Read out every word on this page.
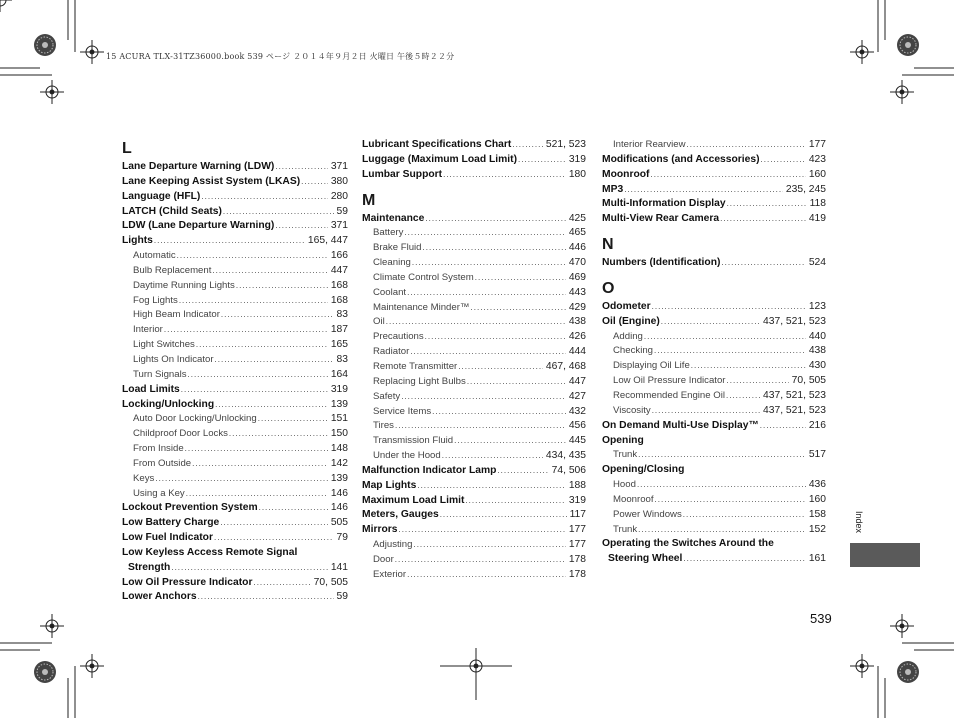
15 ACURA TLX-31TZ36000.book 539 ページ ２０１４年９月２日 火曜日 午後５時２２分
L
Lane Departure Warning (LDW) .....	371
Lane Keeping Assist System (LKAS) .....	380
Language (HFL) .....	280
LATCH (Child Seats) .....	59
LDW (Lane Departure Warning) .....	371
Lights .....	165, 447
Automatic .....	166
Bulb Replacement .....	447
Daytime Running Lights .....	168
Fog Lights .....	168
High Beam Indicator .....	83
Interior .....	187
Light Switches .....	165
Lights On Indicator .....	83
Turn Signals .....	164
Load Limits .....	319
Locking/Unlocking .....	139
Auto Door Locking/Unlocking .....	151
Childproof Door Locks .....	150
From Inside .....	148
From Outside .....	142
Keys .....	139
Using a Key .....	146
Lockout Prevention System .....	146
Low Battery Charge .....	505
Low Fuel Indicator .....	79
Low Keyless Access Remote Signal
Strength .....	141
Low Oil Pressure Indicator .....	70, 505
Lower Anchors .....	59
Lubricant Specifications Chart .....	521, 523
Luggage (Maximum Load Limit) .....	319
Lumbar Support .....	180
M
Maintenance .....	425
Battery .....	465
Brake Fluid .....	446
Cleaning .....	470
Climate Control System .....	469
Coolant .....	443
Maintenance Minder™ .....	429
Oil .....	438
Precautions .....	426
Radiator .....	444
Remote Transmitter .....	467, 468
Replacing Light Bulbs .....	447
Safety .....	427
Service Items .....	432
Tires .....	456
Transmission Fluid .....	445
Under the Hood .....	434, 435
Malfunction Indicator Lamp .....	74, 506
Map Lights .....	188
Maximum Load Limit .....	319
Meters, Gauges .....	117
Mirrors .....	177
Adjusting .....	177
Door .....	178
Exterior .....	178
Interior Rearview .....	177
Modifications (and Accessories) .....	423
Moonroof .....	160
MP3 .....	235, 245
Multi-Information Display .....	118
Multi-View Rear Camera .....	419
N
Numbers (Identification) .....	524
O
Odometer .....	123
Oil (Engine) .....	437, 521, 523
Adding .....	440
Checking .....	438
Displaying Oil Life .....	430
Low Oil Pressure Indicator .....	70, 505
Recommended Engine Oil .....	437, 521, 523
Viscosity .....	437, 521, 523
On Demand Multi-Use Display™ .....	216
Opening
Trunk .....	517
Opening/Closing
Hood .....	436
Moonroof .....	160
Power Windows .....	158
Trunk .....	152
Operating the Switches Around the
Steering Wheel .....	161
Index
539
